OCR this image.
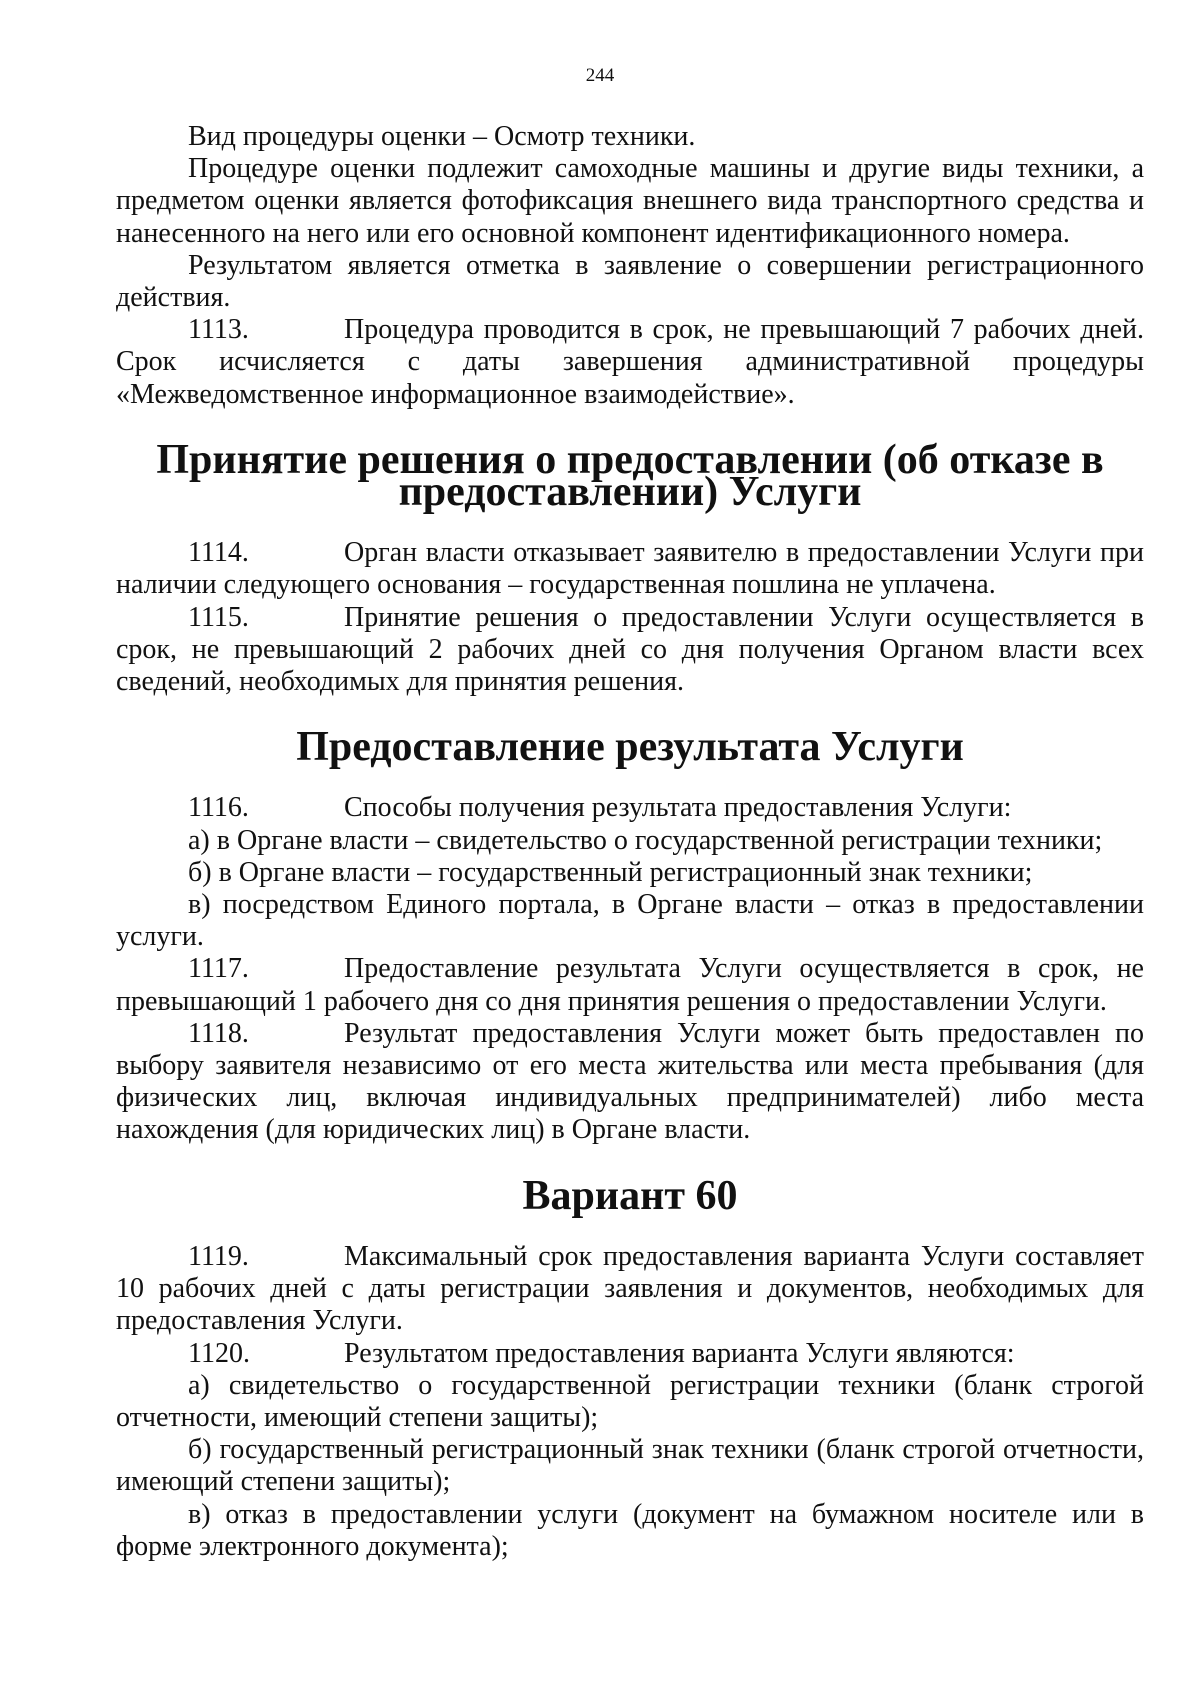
244

Вид процедуры оценки – Осмотр техники.

Процедуре оценки подлежит самоходные машины и другие виды техники, а предметом оценки является фотофиксация внешнего вида транспортного средства и нанесенного на него или его основной компонент идентификационного номера.

Результатом является отметка в заявление о совершении регистрационного действия.

1113.	Процедура проводится в срок, не превышающий 7 рабочих дней. Срок исчисляется с даты завершения административной процедуры «Межведомственное информационное взаимодействие».

Принятие решения о предоставлении (об отказе в предоставлении) Услуги

1114.	Орган власти отказывает заявителю в предоставлении Услуги при наличии следующего основания – государственная пошлина не уплачена.

1115.	Принятие решения о предоставлении Услуги осуществляется в срок, не превышающий 2 рабочих дней со дня получения Органом власти всех сведений, необходимых для принятия решения.

Предоставление результата Услуги

1116.	Способы получения результата предоставления Услуги:

а) в Органе власти – свидетельство о государственной регистрации техники;

б) в Органе власти – государственный регистрационный знак техники;

в) посредством Единого портала, в Органе власти – отказ в предоставлении услуги.

1117.	Предоставление результата Услуги осуществляется в срок, не превышающий 1 рабочего дня со дня принятия решения о предоставлении Услуги.

1118.	Результат предоставления Услуги может быть предоставлен по выбору заявителя независимо от его места жительства или места пребывания (для физических лиц, включая индивидуальных предпринимателей) либо места нахождения (для юридических лиц) в Органе власти.

Вариант 60

1119.	Максимальный срок предоставления варианта Услуги составляет 10 рабочих дней с даты регистрации заявления и документов, необходимых для предоставления Услуги.

1120.	Результатом предоставления варианта Услуги являются:

а) свидетельство о государственной регистрации техники (бланк строгой отчетности, имеющий степени защиты);

б) государственный регистрационный знак техники (бланк строгой отчетности, имеющий степени защиты);

в) отказ в предоставлении услуги (документ на бумажном носителе или в форме электронного документа);
